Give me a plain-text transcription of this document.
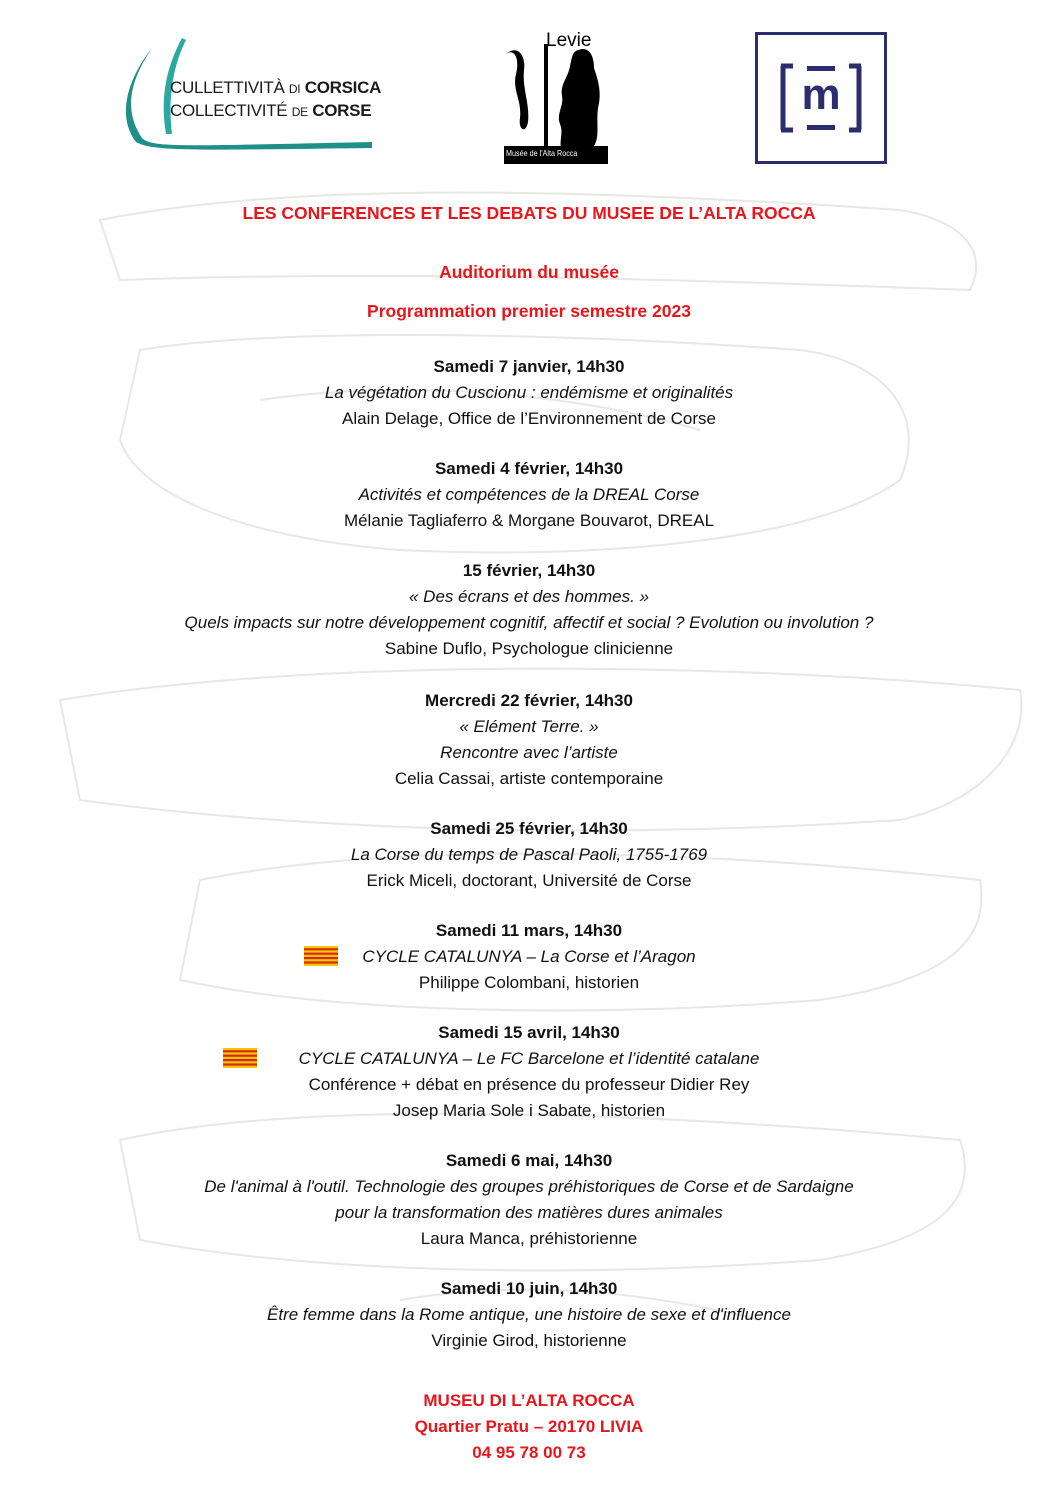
CULLETTIVITÀ DI CORSICA
COLLECTIVITÉ DE CORSE
Levie
Musée de l'Alta Rocca
m
LES CONFERENCES ET LES DEBATS DU MUSEE DE L’ALTA ROCCA
Auditorium du musée
Programmation premier semestre 2023
Samedi 7 janvier, 14h30
La végétation du Cuscionu : endémisme et originalités
Alain Delage, Office de l’Environnement de Corse
Samedi 4 février, 14h30
Activités et compétences de la DREAL Corse
Mélanie Tagliaferro & Morgane Bouvarot, DREAL
15 février, 14h30
« Des écrans et des hommes. »
Quels impacts sur notre développement cognitif, affectif et social ? Evolution ou involution ?
Sabine Duflo, Psychologue clinicienne
Mercredi 22 février, 14h30
« Elément Terre. »
Rencontre avec l’artiste
Celia Cassai, artiste contemporaine
Samedi 25 février, 14h30
La Corse du temps de Pascal Paoli, 1755-1769
Erick Miceli, doctorant, Université de Corse
Samedi 11 mars, 14h30
CYCLE CATALUNYA – La Corse et l’Aragon
Philippe Colombani, historien
Samedi 15 avril, 14h30
CYCLE CATALUNYA – Le FC Barcelone et l’identité catalane
Conférence + débat en présence du professeur Didier Rey
Josep Maria Sole i Sabate, historien
Samedi 6 mai, 14h30
De l'animal à l'outil. Technologie des groupes préhistoriques de Corse et de Sardaigne
pour la transformation des matières dures animales
Laura Manca, préhistorienne
Samedi 10 juin, 14h30
Être femme dans la Rome antique, une histoire de sexe et d'influence
Virginie Girod, historienne
MUSEU DI L’ALTA ROCCA
Quartier Pratu – 20170 LIVIA
04 95 78 00 73
